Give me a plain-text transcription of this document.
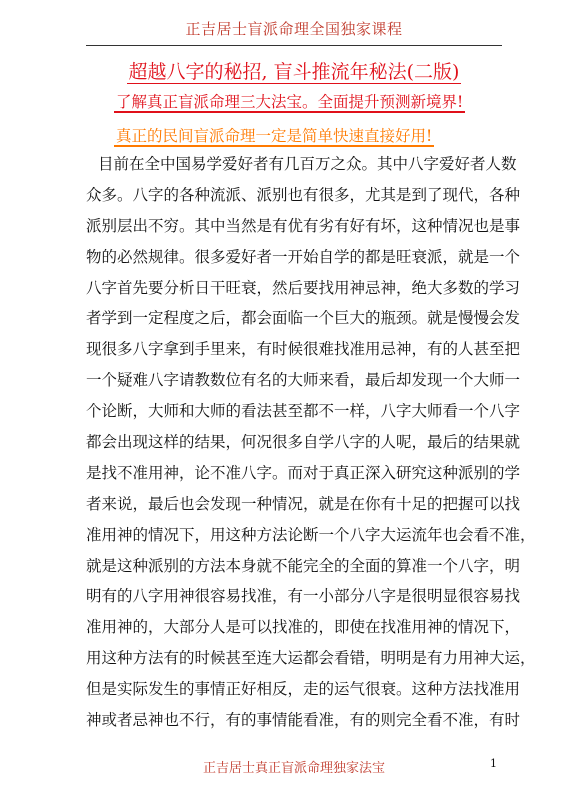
正吉居士盲派命理全国独家课程
超越八字的秘招, 盲斗推流年秘法(二版)
了解真正盲派命理三大法宝。全面提升预测新境界!
真正的民间盲派命理一定是简单快速直接好用!
目前在全中国易学爱好者有几百万之众。其中八字爱好者人数
众多。八字的各种流派、派别也有很多，尤其是到了现代，各种
派别层出不穷。其中当然是有优有劣有好有坏，这种情况也是事
物的必然规律。很多爱好者一开始自学的都是旺衰派，就是一个
八字首先要分析日干旺衰，然后要找用神忌神，绝大多数的学习
者学到一定程度之后，都会面临一个巨大的瓶颈。就是慢慢会发
现很多八字拿到手里来，有时候很难找准用忌神，有的人甚至把
一个疑难八字请教数位有名的大师来看，最后却发现一个大师一
个论断，大师和大师的看法甚至都不一样，八字大师看一个八字
都会出现这样的结果，何况很多自学八字的人呢，最后的结果就
是找不准用神，论不准八字。而对于真正深入研究这种派别的学
者来说，最后也会发现一种情况，就是在你有十足的把握可以找
准用神的情况下，用这种方法论断一个八字大运流年也会看不准，
就是这种派别的方法本身就不能完全的全面的算准一个八字，明
明有的八字用神很容易找准，有一小部分八字是很明显很容易找
准用神的，大部分人是可以找准的，即使在找准用神的情况下，
用这种方法有的时候甚至连大运都会看错，明明是有力用神大运，
但是实际发生的事情正好相反，走的运气很衰。这种方法找准用
神或者忌神也不行，有的事情能看准，有的则完全看不准，有时
正吉居士真正盲派命理独家法宝	1
